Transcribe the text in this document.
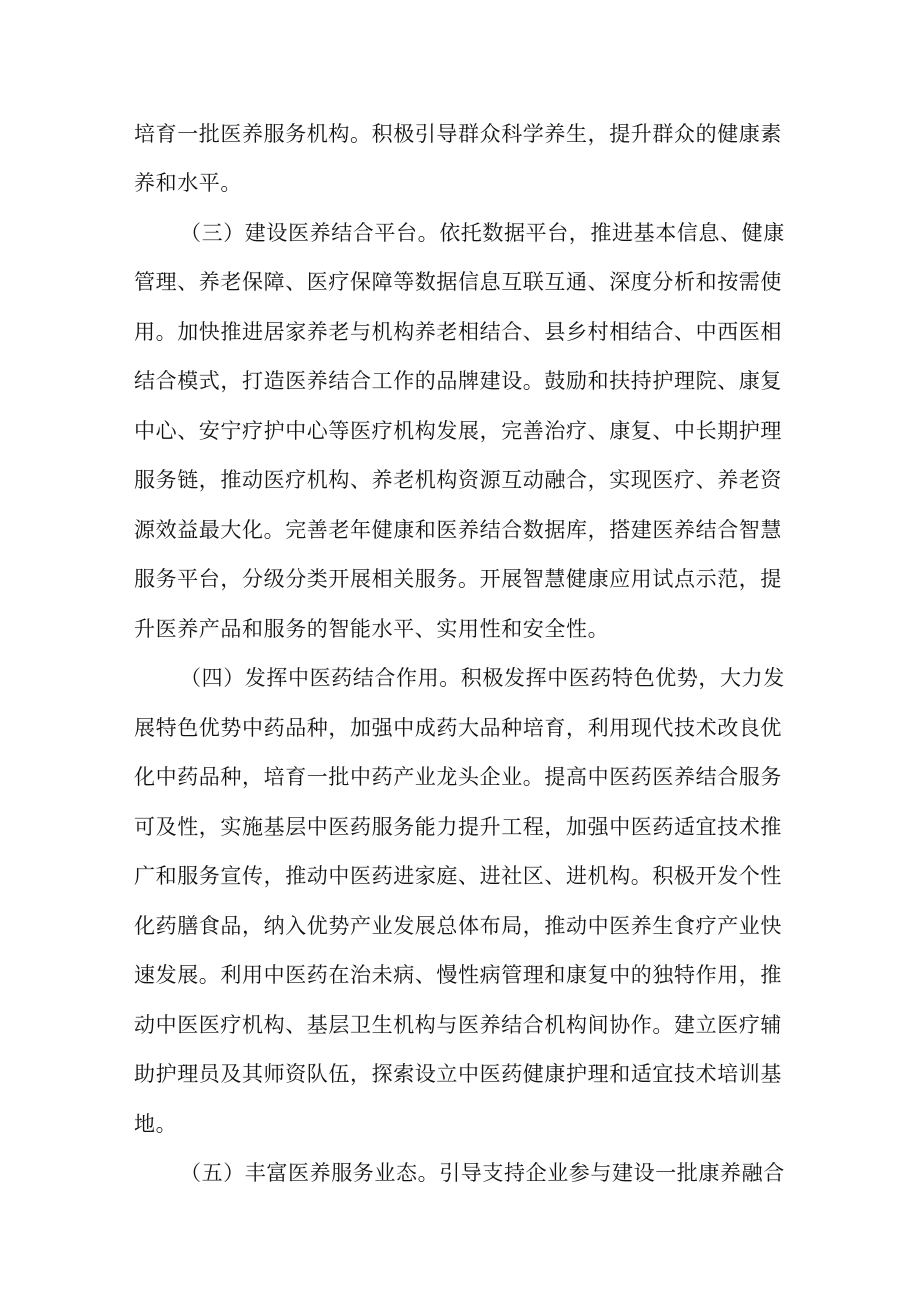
培育一批医养服务机构。积极引导群众科学养生，提升群众的健康素
养和水平。
（三）建设医养结合平台。依托数据平台，推进基本信息、健康
管理、养老保障、医疗保障等数据信息互联互通、深度分析和按需使
用。加快推进居家养老与机构养老相结合、县乡村相结合、中西医相
结合模式，打造医养结合工作的品牌建设。鼓励和扶持护理院、康复
中心、安宁疗护中心等医疗机构发展，完善治疗、康复、中长期护理
服务链，推动医疗机构、养老机构资源互动融合，实现医疗、养老资
源效益最大化。完善老年健康和医养结合数据库，搭建医养结合智慧
服务平台，分级分类开展相关服务。开展智慧健康应用试点示范，提
升医养产品和服务的智能水平、实用性和安全性。
（四）发挥中医药结合作用。积极发挥中医药特色优势，大力发
展特色优势中药品种，加强中成药大品种培育，利用现代技术改良优
化中药品种，培育一批中药产业龙头企业。提高中医药医养结合服务
可及性，实施基层中医药服务能力提升工程，加强中医药适宜技术推
广和服务宣传，推动中医药进家庭、进社区、进机构。积极开发个性
化药膳食品，纳入优势产业发展总体布局，推动中医养生食疗产业快
速发展。利用中医药在治未病、慢性病管理和康复中的独特作用，推
动中医医疗机构、基层卫生机构与医养结合机构间协作。建立医疗辅
助护理员及其师资队伍，探索设立中医药健康护理和适宜技术培训基
地。
（五）丰富医养服务业态。引导支持企业参与建设一批康养融合
